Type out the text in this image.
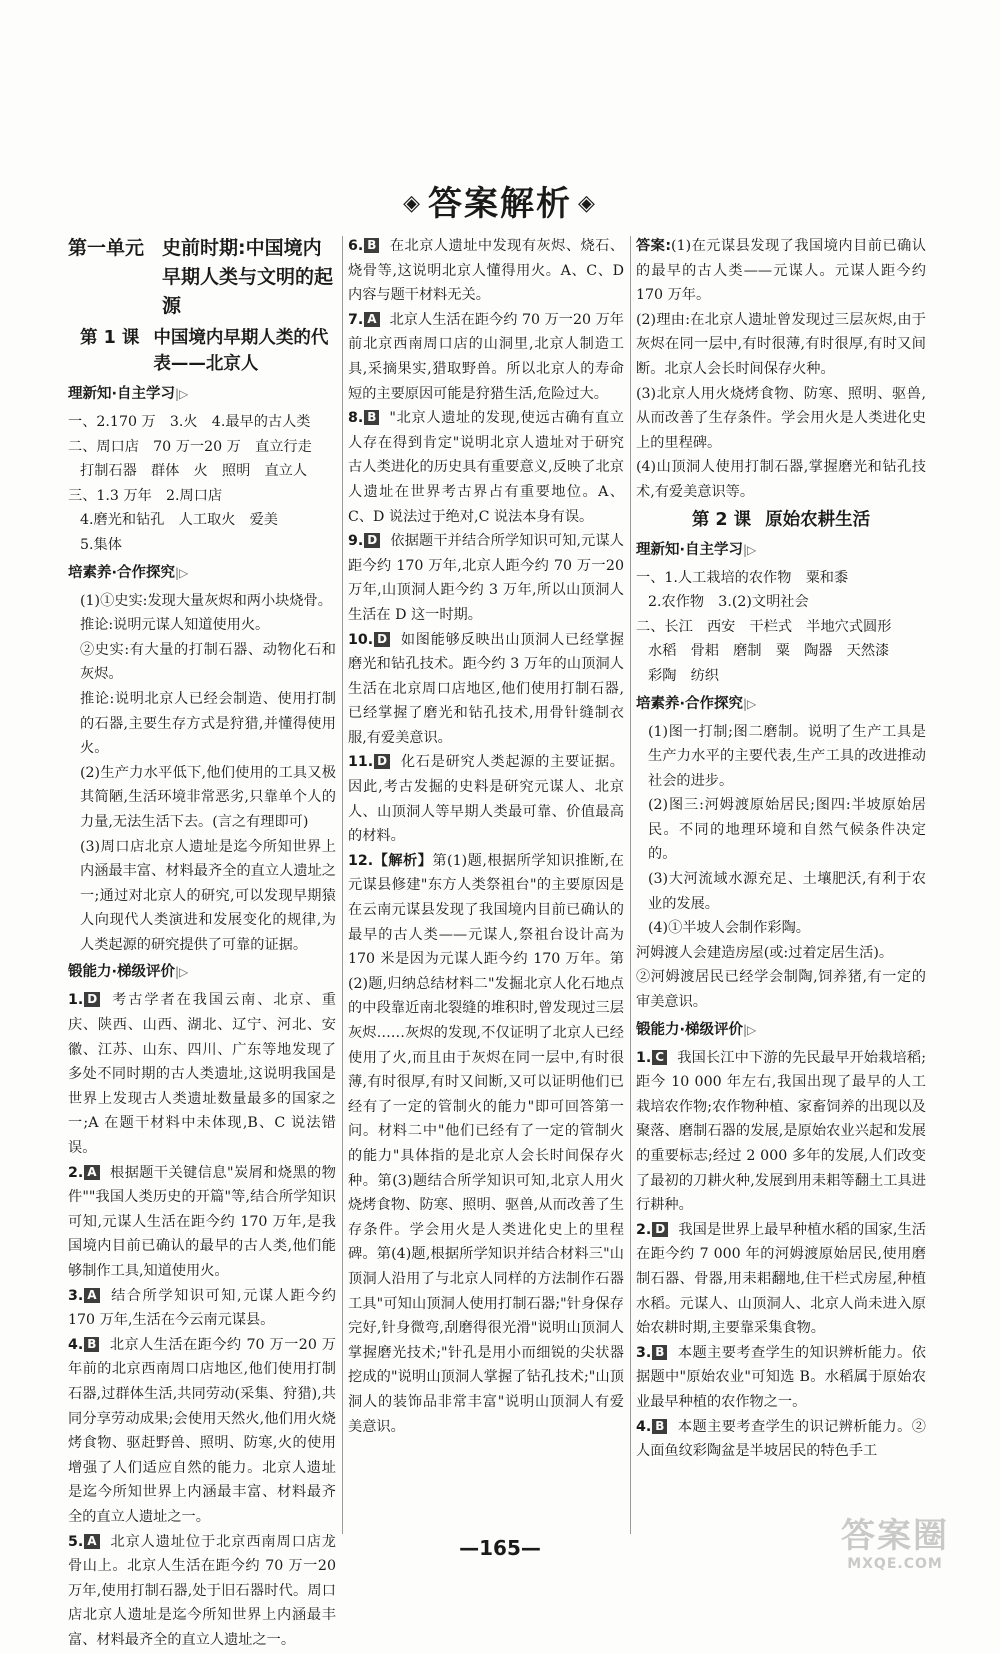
◈ 答案解析 ◈
第一单元 史前时期:中国境内早期人类与文明的起源
第 1 课 中国境内早期人类的代表——北京人
理新知·自主学习|▷

一、2.170 万　3.火　4.最早的古人类

二、周口店　70 万一20 万　直立行走

打制石器　群体　火　照明　直立人

三、1.3 万年　2.周口店

4.磨光和钻孔　人工取火　爱美

5.集体

培素养·合作探究|▷

(1)①史实:发现大量灰烬和两小块烧骨。

推论:说明元谋人知道使用火。

②史实:有大量的打制石器、动物化石和灰烬。

推论:说明北京人已经会制造、使用打制的石器,主要生存方式是狩猎,并懂得使用火。

(2)生产力水平低下,他们使用的工具又极其简陋,生活环境非常恶劣,只靠单个人的力量,无法生活下去。(言之有理即可)

(3)周口店北京人遗址是迄今所知世界上内涵最丰富、材料最齐全的直立人遗址之一;通过对北京人的研究,可以发现早期猿人向现代人类演进和发展变化的规律,为人类起源的研究提供了可靠的证据。

锻能力·梯级评价|▷

1. D 考古学者在我国云南、北京、重庆、陕西、山西、湖北、辽宁、河北、安徽、江苏、山东、四川、广东等地发现了多处不同时期的古人类遗址,这说明我国是世界上发现古人类遗址数量最多的国家之一;A 在题干材料中未体现,B、C 说法错误。

2. A 根据题干关键信息"炭屑和烧黑的物件""我国人类历史的开篇"等,结合所学知识可知,元谋人生活在距今约 170 万年,是我国境内目前已确认的最早的古人类,他们能够制作工具,知道使用火。

3. A 结合所学知识可知,元谋人距今约 170 万年,生活在今云南元谋县。

4. B 北京人生活在距今约 70 万一20 万年前的北京西南周口店地区,他们使用打制石器,过群体生活,共同劳动(采集、狩猎),共同分享劳动成果;会使用天然火,他们用火烧烤食物、驱赶野兽、照明、防寒,火的使用增强了人们适应自然的能力。北京人遗址是迄今所知世界上内涵最丰富、材料最齐全的直立人遗址之一。

5. A 北京人遗址位于北京西南周口店龙骨山上。北京人生活在距今约 70 万一20 万年,使用打制石器,处于旧石器时代。周口店北京人遗址是迄今所知世界上内涵最丰富、材料最齐全的直立人遗址之一。

6. B 在北京人遗址中发现有灰烬、烧石、烧骨等,这说明北京人懂得用火。A、C、D 内容与题干材料无关。

7. A 北京人生活在距今约 70 万一20 万年前北京西南周口店的山洞里,北京人制造工具,采摘果实,猎取野兽。所以北京人的寿命短的主要原因可能是狩猎生活,危险过大。

8. B "北京人遗址的发现,使远古确有直立人存在得到肯定"说明北京人遗址对于研究古人类进化的历史具有重要意义,反映了北京人遗址在世界考古界占有重要地位。A、C、D 说法过于绝对,C 说法本身有误。

9. D 依据题干并结合所学知识可知,元谋人距今约 170 万年,北京人距今约 70 万一20 万年,山顶洞人距今约 3 万年,所以山顶洞人生活在 D 这一时期。

10. D 如图能够反映出山顶洞人已经掌握磨光和钻孔技术。距今约 3 万年的山顶洞人生活在北京周口店地区,他们使用打制石器,已经掌握了磨光和钻孔技术,用骨针缝制衣服,有爱美意识。

11. D 化石是研究人类起源的主要证据。因此,考古发掘的史料是研究元谋人、北京人、山顶洞人等早期人类最可靠、价值最高的材料。

12.【解析】第(1)题,根据所学知识推断,在元谋县修建"东方人类祭祖台"的主要原因是在云南元谋县发现了我国境内目前已确认的最早的古人类——元谋人,祭祖台设计高为 170 米是因为元谋人距今约 170 万年。第(2)题,归纳总结材料二"发掘北京人化石地点的中段靠近南北裂缝的堆积时,曾发现过三层灰烬……灰烬的发现,不仅证明了北京人已经使用了火,而且由于灰烬在同一层中,有时很薄,有时很厚,有时又间断,又可以证明他们已经有了一定的管制火的能力"即可回答第一问。材料二中"他们已经有了一定的管制火的能力"具体指的是北京人会长时间保存火种。第(3)题结合所学知识可知,北京人用火烧烤食物、防寒、照明、驱兽,从而改善了生存条件。学会用火是人类进化史上的里程碑。第(4)题,根据所学知识并结合材料三"山顶洞人沿用了与北京人同样的方法制作石器工具"可知山顶洞人使用打制石器;"针身保存完好,针身微弯,刮磨得很光滑"说明山顶洞人掌握磨光技术;"针孔是用小而细锐的尖状器挖成的"说明山顶洞人掌握了钻孔技术;"山顶洞人的装饰品非常丰富"说明山顶洞人有爱美意识。

答案:(1)在元谋县发现了我国境内目前已确认的最早的古人类——元谋人。元谋人距今约 170 万年。

(2)理由:在北京人遗址曾发现过三层灰烬,由于灰烬在同一层中,有时很薄,有时很厚,有时又间断。北京人会长时间保存火种。

(3)北京人用火烧烤食物、防寒、照明、驱兽,从而改善了生存条件。学会用火是人类进化史上的里程碑。

(4)山顶洞人使用打制石器,掌握磨光和钻孔技术,有爱美意识等。

第 2 课 原始农耕生活
理新知·自主学习|▷

一、1.人工栽培的农作物　粟和黍

2.农作物　3.(2)文明社会

二、长江　西安　干栏式　半地穴式圆形

水稻　骨耜　磨制　粟　陶器　天然漆

彩陶　纺织

培素养·合作探究|▷

(1)图一打制;图二磨制。说明了生产工具是生产力水平的主要代表,生产工具的改进推动社会的进步。

(2)图三:河姆渡原始居民;图四:半坡原始居民。不同的地理环境和自然气候条件决定的。

(3)大河流域水源充足、土壤肥沃,有利于农业的发展。

(4)①半坡人会制作彩陶。

河姆渡人会建造房屋(或:过着定居生活)。

②河姆渡居民已经学会制陶,饲养猪,有一定的审美意识。

锻能力·梯级评价|▷

1. C 我国长江中下游的先民最早开始栽培稻;距今 10 000 年左右,我国出现了最早的人工栽培农作物;农作物种植、家畜饲养的出现以及聚落、磨制石器的发展,是原始农业兴起和发展的重要标志;经过 2 000 多年的发展,人们改变了最初的刀耕火种,发展到用耒耜等翻土工具进行耕种。

2. D 我国是世界上最早种植水稻的国家,生活在距今约 7 000 年的河姆渡原始居民,使用磨制石器、骨器,用耒耜翻地,住干栏式房屋,种植水稻。元谋人、山顶洞人、北京人尚未进入原始农耕时期,主要靠采集食物。

3. B 本题主要考查学生的知识辨析能力。依据题中"原始农业"可知选 B。水稻属于原始农业最早种植的农作物之一。

4. B 本题主要考查学生的识记辨析能力。②人面鱼纹彩陶盆是半坡居民的特色手工

—165—	答案圈
MXQE.COM
